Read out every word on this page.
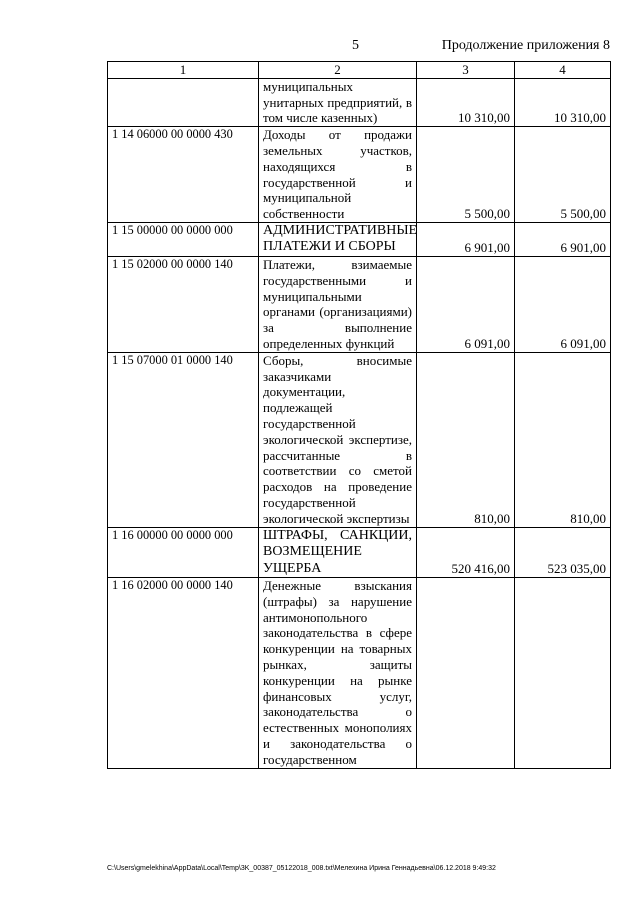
5	Продолжение приложения 8
1	2	3	4
	муниципальных унитарных предприятий, в том числе казенных)	10 310,00	10 310,00
1 14 06000 00 0000 430	Доходы от продажи земельных участков, находящихся в государственной и муниципальной собственности	5 500,00	5 500,00
1 15 00000 00 0000 000	АДМИНИСТРАТИВНЫЕ ПЛАТЕЖИ И СБОРЫ	6 901,00	6 901,00
1 15 02000 00 0000 140	Платежи, взимаемые государственными и муниципальными органами (организациями) за выполнение определенных функций	6 091,00	6 091,00
1 15 07000 01 0000 140	Сборы, вносимые заказчиками документации, подлежащей государственной экологической экспертизе, рассчитанные в соответствии со сметой расходов на проведение государственной экологической экспертизы	810,00	810,00
1 16 00000 00 0000 000	ШТРАФЫ, САНКЦИИ, ВОЗМЕЩЕНИЕ УЩЕРБА	520 416,00	523 035,00
1 16 02000 00 0000 140	Денежные взыскания (штрафы) за нарушение антимонопольного законодательства в сфере конкуренции на товарных рынках, защиты конкуренции на рынке финансовых услуг, законодательства о естественных монополиях и законодательства о государственном		
C:\Users\gmelekhina\AppData\Local\Temp\3K_00387_05122018_008.txt\Мелехина Ирина Геннадьевна\06.12.2018 9:49:32
